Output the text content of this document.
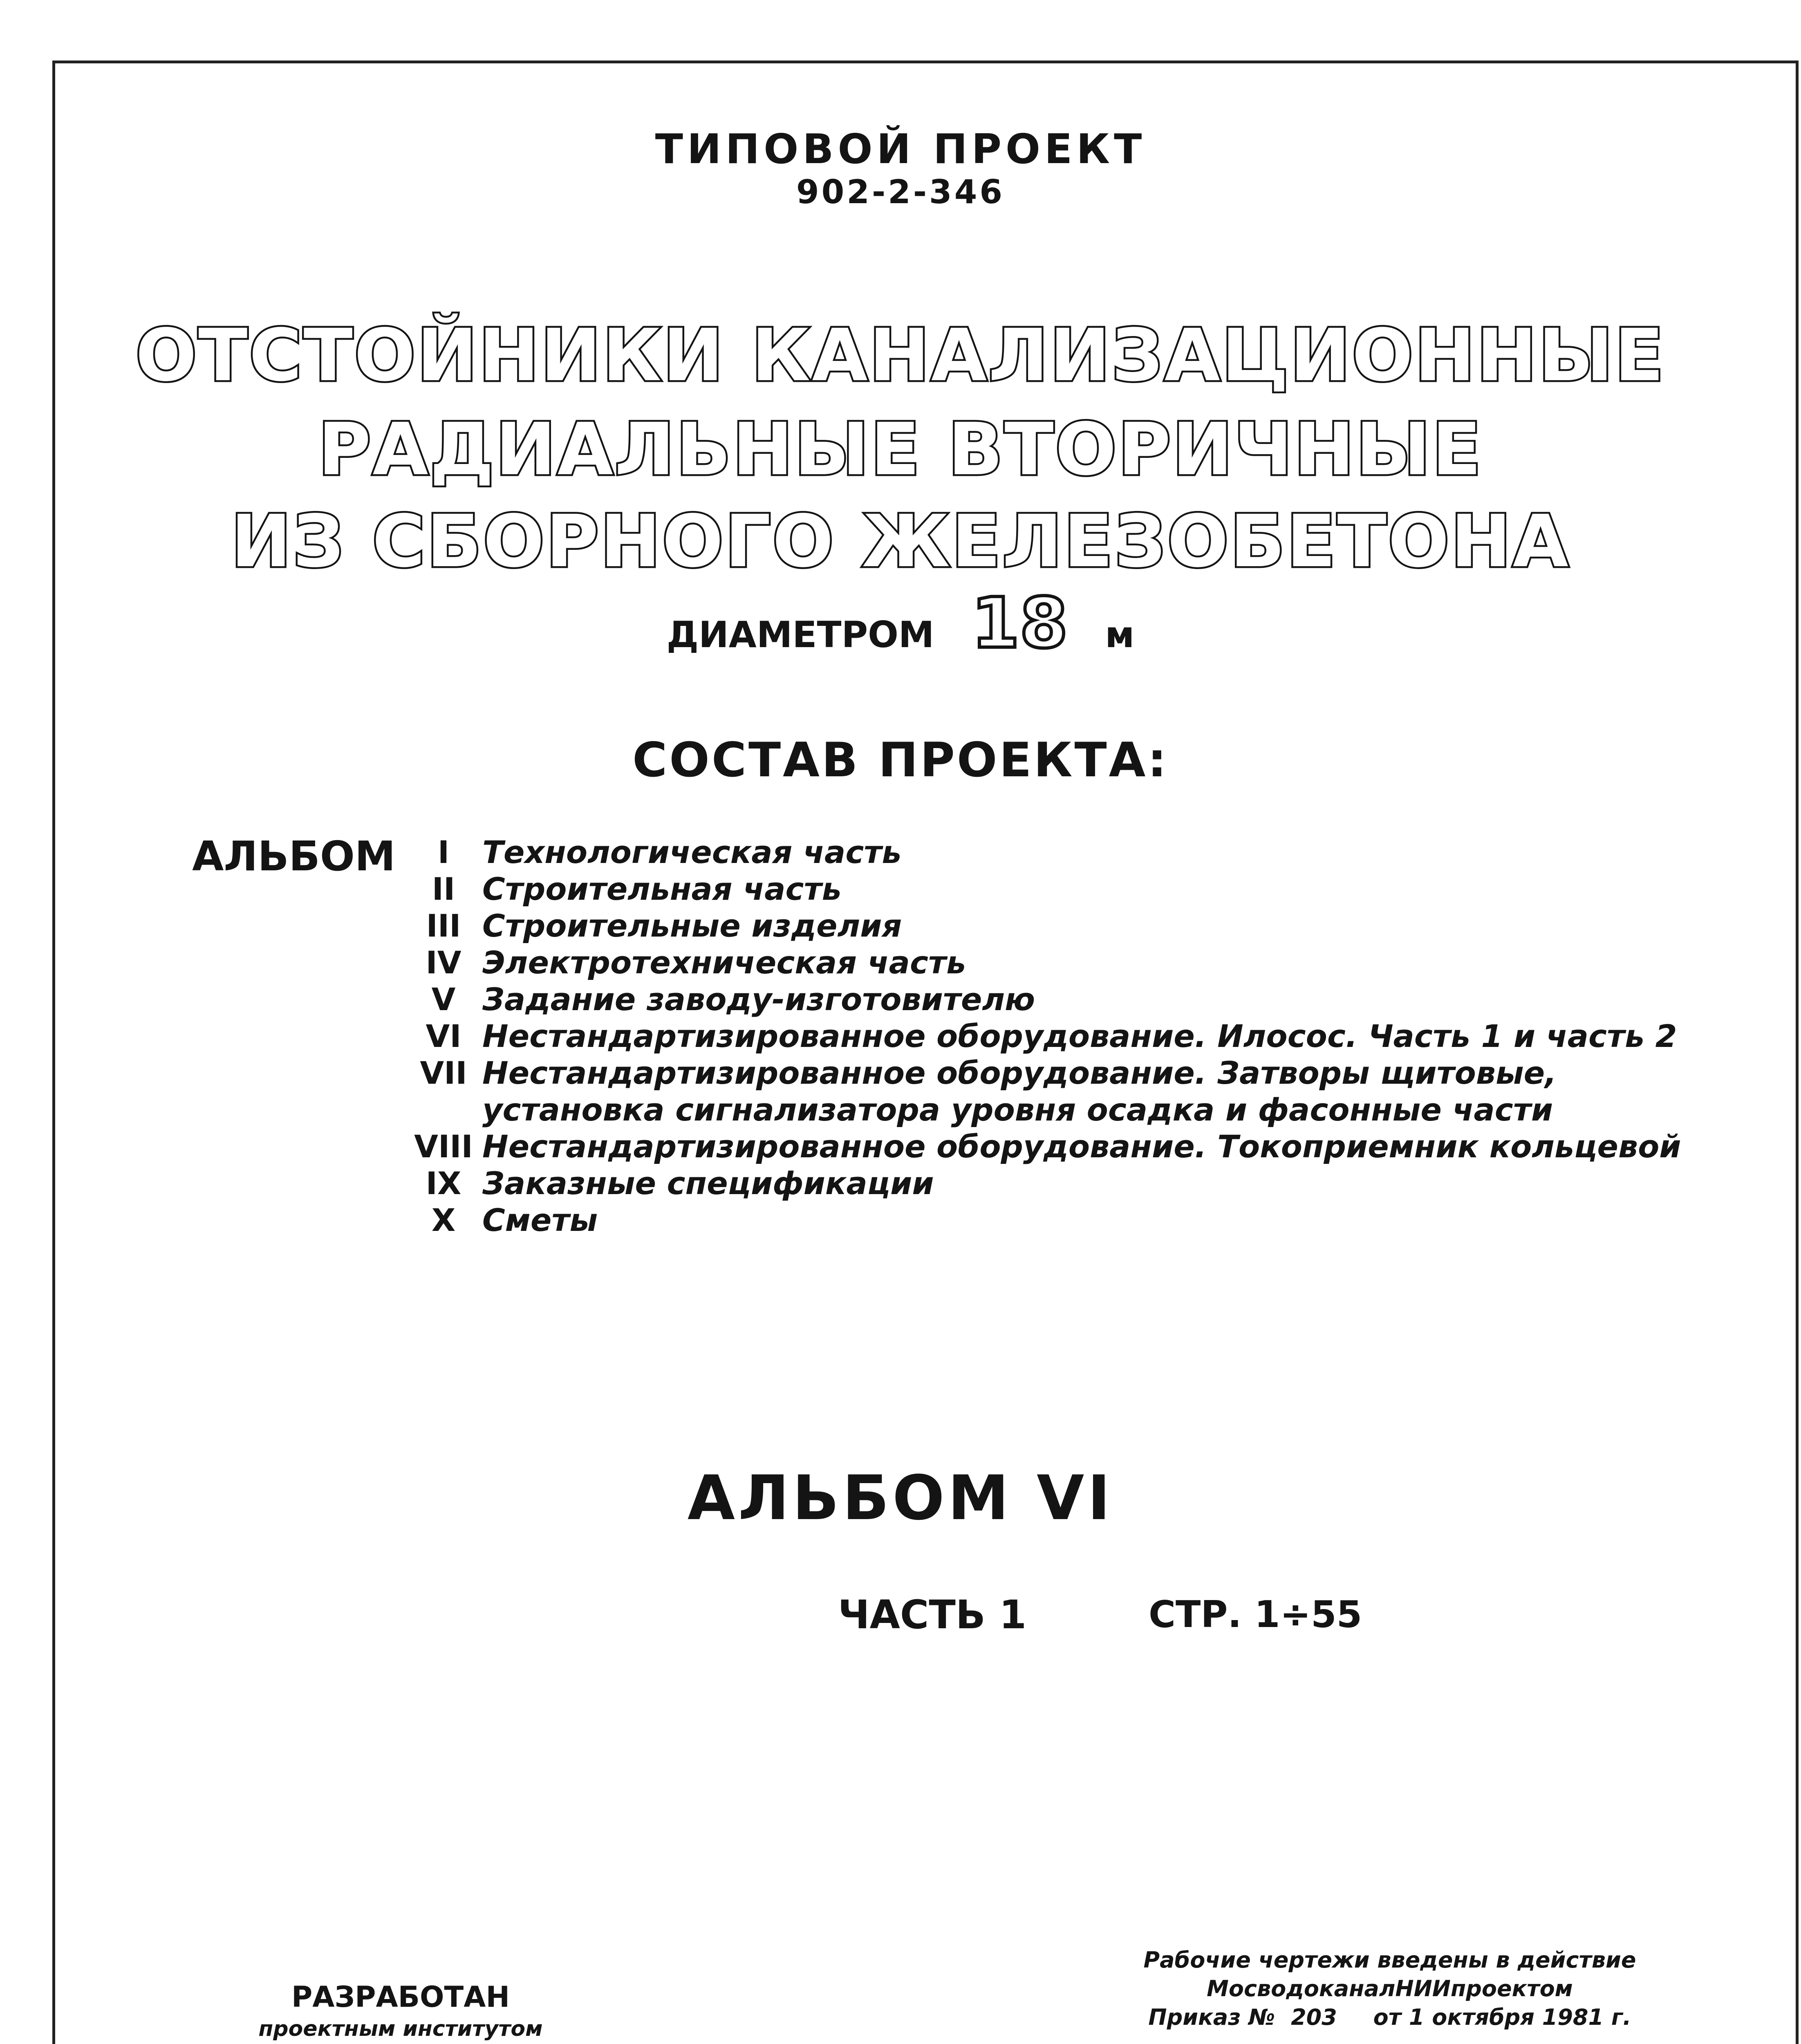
ТИПОВОЙ ПРОЕКТ
902-2-346
ОТСТОЙНИКИ КАНАЛИЗАЦИОННЫЕ
РАДИАЛЬНЫЕ ВТОРИЧНЫЕ
ИЗ СБОРНОГО ЖЕЛЕЗОБЕТОНА
ДИАМЕТРОМ 18 м
СОСТАВ ПРОЕКТА:
АЛЬБОМ	I	Технологическая часть
II Строительная часть
III Строительные изделия
IV Электротехническая часть
V Задание заводу-изготовителю
VI Нестандартизированное оборудование. Илосос. Часть 1 и часть 2
VII Нестандартизированное оборудование. Затворы щитовые,
установка сигнализатора уровня осадка и фасонные части
VIII Нестандартизированное оборудование. Токоприемник кольцевой
IX Заказные спецификации
X Сметы
АЛЬБОМ VI
ЧАСТЬ 1	СТР. 1÷55
РАЗРАБОТАН
проектным институтом
Рабочие чертежи введены в действие
МосводоканалНИИпроектом
Приказ № 203 от 1 октября 1981 г.
